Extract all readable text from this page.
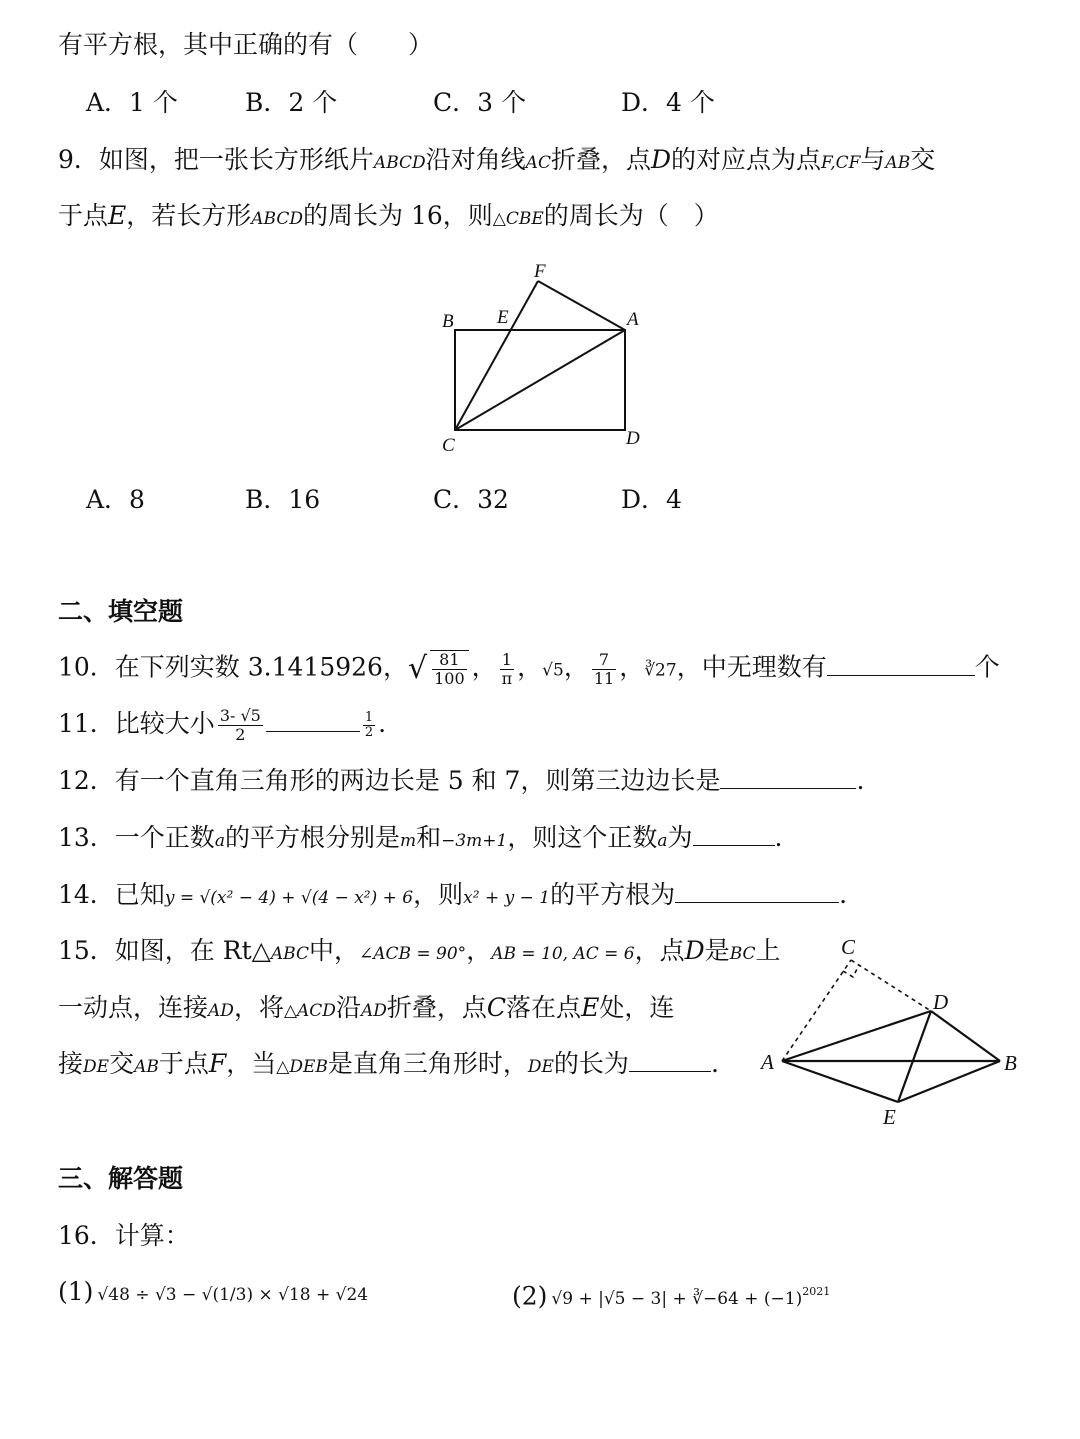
有平方根，其中正确的有（　　）
A．1 个	B．2 个	C．3 个	D．4 个
9．如图，把一张长方形纸片ABCD沿对角线AC折叠，点D的对应点为点F,CF与AB交
于点E，若长方形ABCD的周长为 16，则△CBE的周长为（　）
F
B E	A
C	D
A．8	B．16	C．32	D．4
二、填空题
10．在下列实数 3.1415926，√ $\frac{81}{100}$ ， $\frac{1}{\pi}$ ，√5， $\frac{7}{11}$ ，∛27，中无理数有	个
11．比较大小 $\frac{3- √5}{2}$	$\frac{1}{2}$ .
12．有一个直角三角形的两边长是 5 和 7，则第三边边长是	.
13．一个正数a的平方根分别是m和−3m+1，则这个正数a为	.
14．已知y = √(x² − 4) + √(4 − x²) + 6，则x² + y − 1的平方根为	.
15．如图，在 Rt△ABC中，∠ACB = 90°，AB = 10, AC = 6，点D是BC上
一动点，连接AD，将△ACD沿AD折叠，点C落在点E处，连
接DE交AB于点F，当△DEB是直角三角形时，DE的长为	.
C
D
A	B
E
三、解答题
16．计算：
(1) √48 ÷ √3 − √(1/3) × √18 + √24	(2) √9 + |√5 − 3| + ∛−64 + $(-1)^{2021}$
